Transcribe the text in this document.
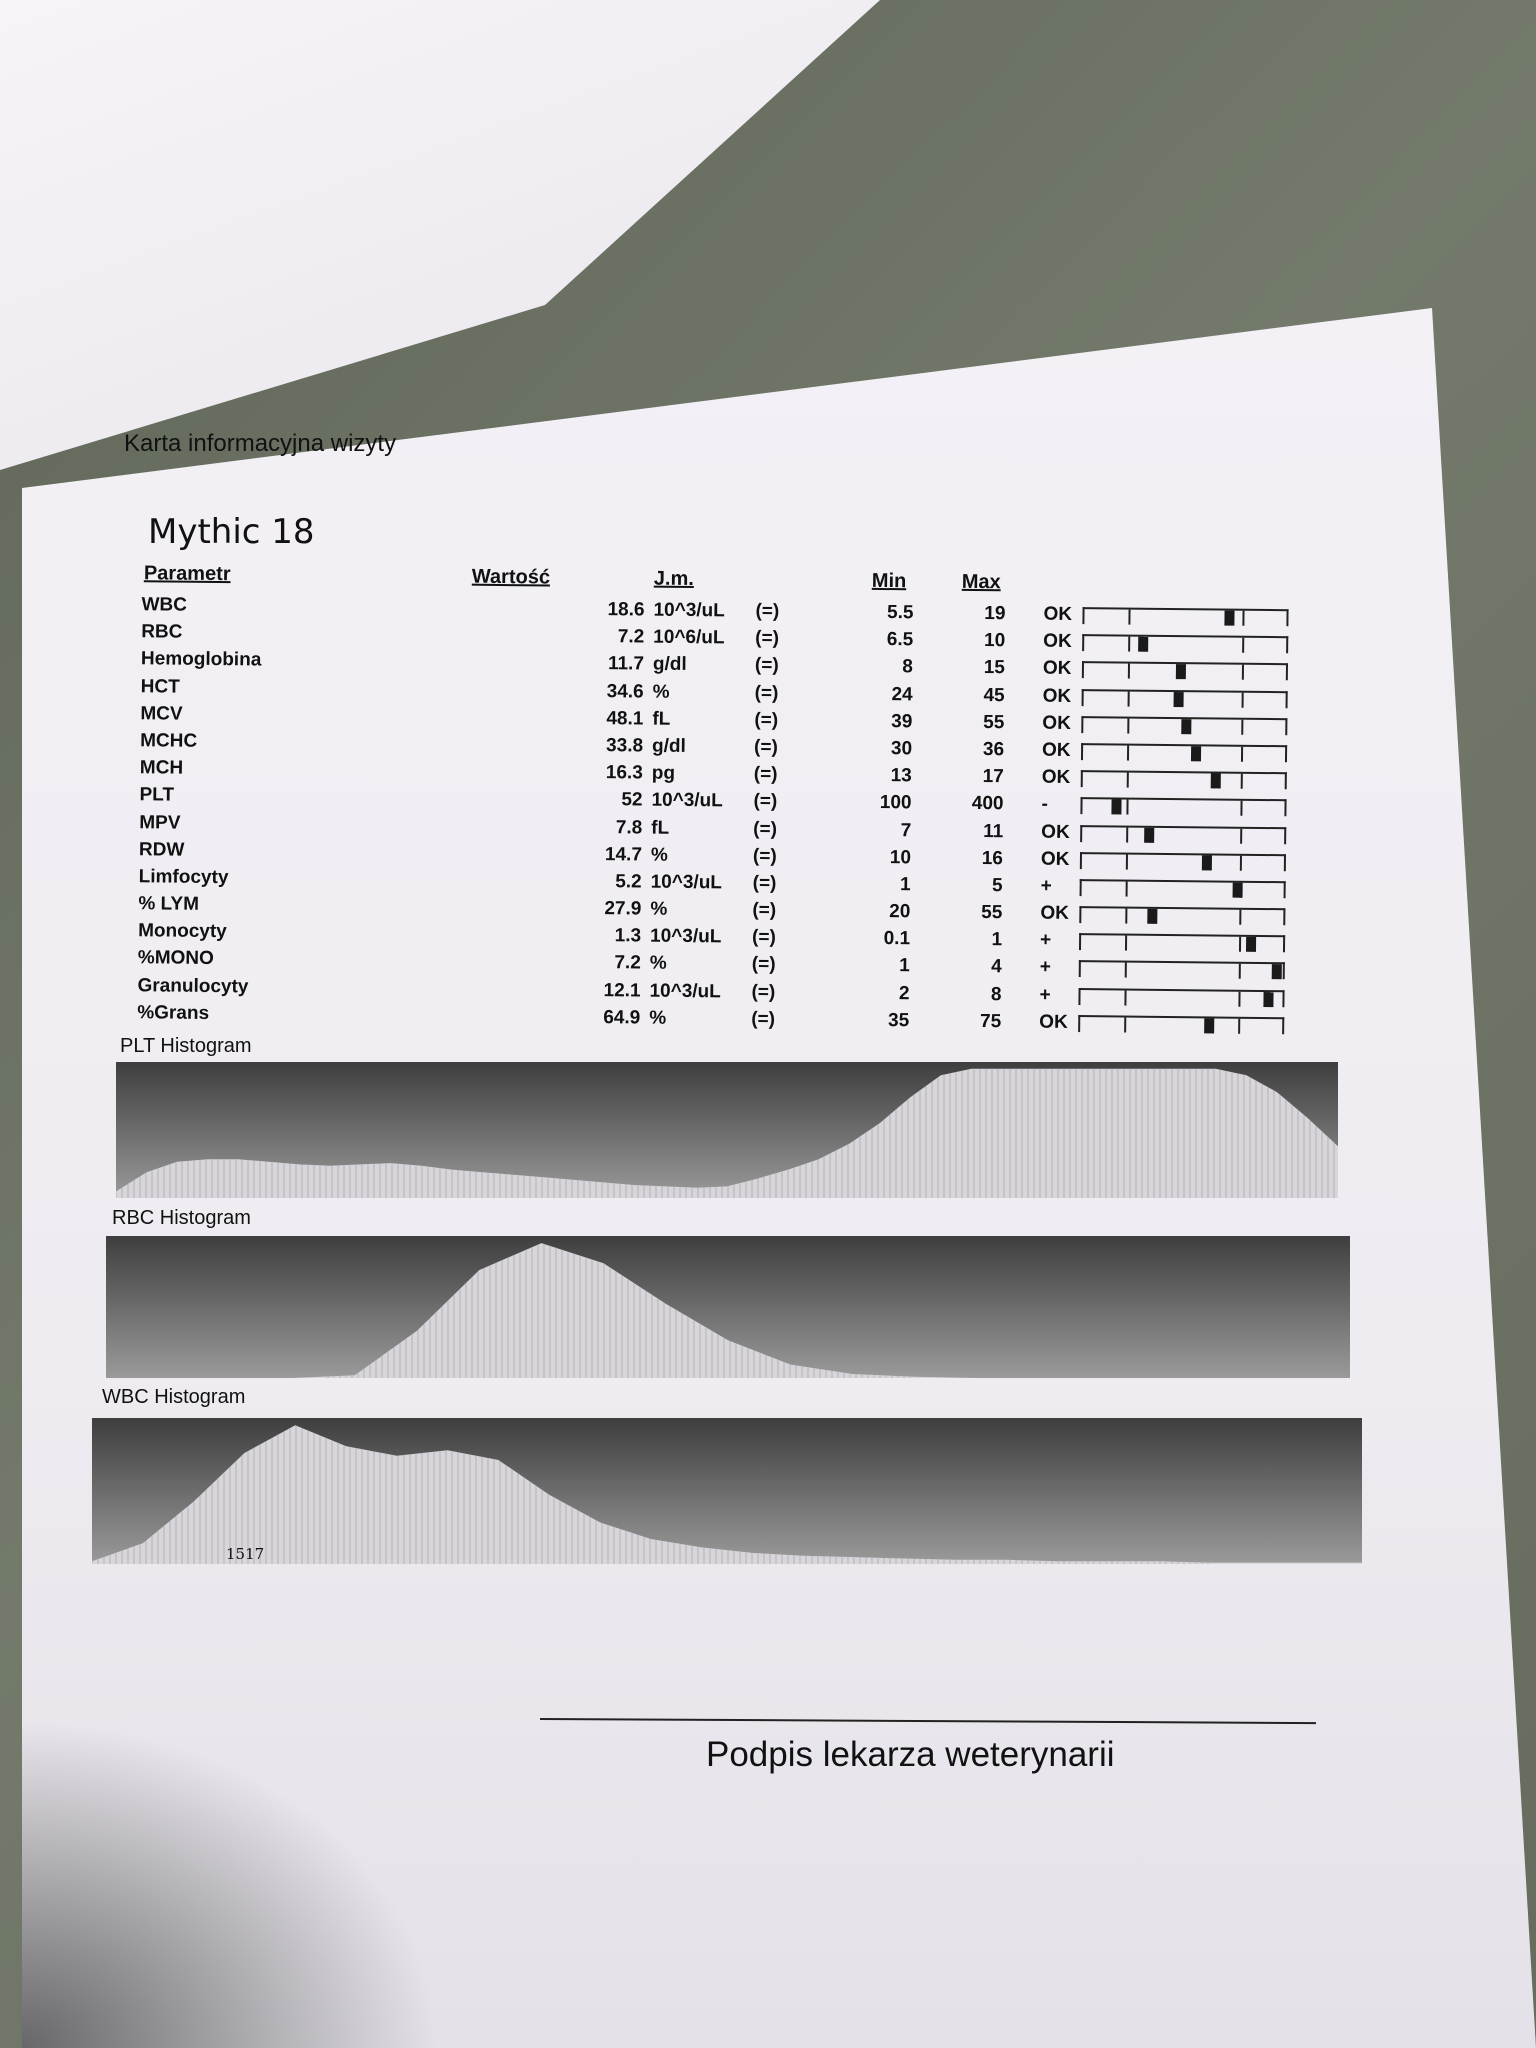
Karta informacyjna wizyty
Mythic 18
Parametr	Wartość	J.m.	Min	Max
WBC	18.6 10^3/uL (=)	5.5	19 OK
RBC	7.2 10^6/uL (=)	6.5	10 OK
Hemoglobina	11.7 g/dl	(=)	8	15 OK
HCT	34.6 %	(=)	24	45 OK
MCV	48.1 fL	(=)	39	55 OK
MCHC	33.8 g/dl	(=)	30	36 OK
MCH	16.3 pg	(=)	13	17 OK
PLT	52 10^3/uL (=)	100	400 -
MPV	7.8 fL	(=)	7	11 OK
RDW	14.7 %	(=)	10	16 OK
Limfocyty	5.2 10^3/uL (=)	1	5 +
% LYM	27.9 %	(=)	20	55 OK
Monocyty	1.3 10^3/uL (=)	0.1	1 +
%MONO	7.2 %	(=)	1	4 +
Granulocyty	12.1 10^3/uL (=)	2	8 +
%Grans	64.9 %	(=)	35	75 OK
PLT Histogram
RBC Histogram
WBC Histogram
1517
Podpis lekarza weterynarii
